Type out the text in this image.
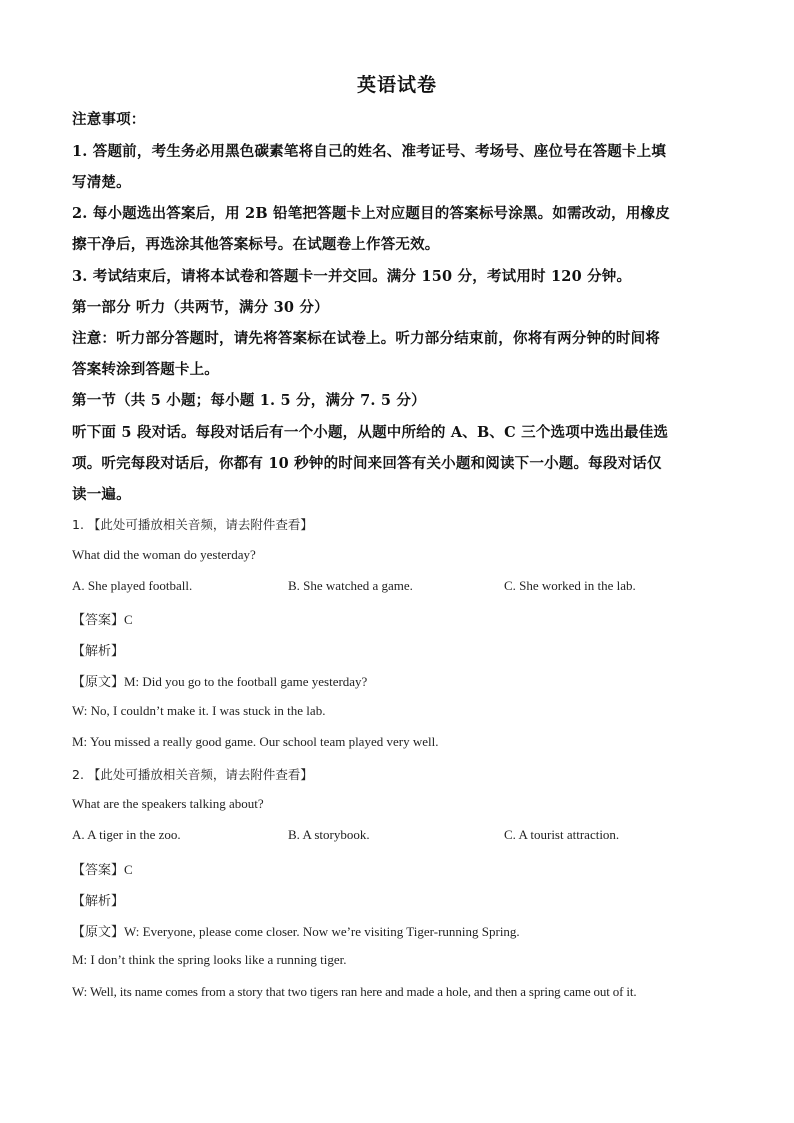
英语试卷
注意事项：
1. 答题前，考生务必用黑色碳素笔将自己的姓名、准考证号、考场号、座位号在答题卡上填
写清楚。
2. 每小题选出答案后，用 2B 铅笔把答题卡上对应题目的答案标号涂黑。如需改动，用橡皮
擦干净后，再选涂其他答案标号。在试题卷上作答无效。
3. 考试结束后，请将本试卷和答题卡一并交回。满分 150 分，考试用时 120 分钟。
第一部分 听力（共两节，满分 30 分）
注意：听力部分答题时，请先将答案标在试卷上。听力部分结束前，你将有两分钟的时间将
答案转涂到答题卡上。
第一节（共 5 小题；每小题 1. 5 分，满分 7. 5 分）
听下面 5 段对话。每段对话后有一个小题，从题中所给的 A、B、C 三个选项中选出最佳选
项。听完每段对话后，你都有 10 秒钟的时间来回答有关小题和阅读下一小题。每段对话仅
读一遍。
1. 【此处可播放相关音频，请去附件查看】
What did the woman do yesterday?
A. She played football.	B. She watched a game.	C. She worked in the lab.
【答案】C
【解析】
【原文】M: Did you go to the football game yesterday?
W: No, I couldn’t make it. I was stuck in the lab.
M: You missed a really good game. Our school team played very well.
2. 【此处可播放相关音频，请去附件查看】
What are the speakers talking about?
A. A tiger in the zoo.	B. A storybook.	C. A tourist attraction.
【答案】C
【解析】
【原文】W: Everyone, please come closer. Now we’re visiting Tiger-running Spring.
M: I don’t think the spring looks like a running tiger.
W: Well, its name comes from a story that two tigers ran here and made a hole, and then a spring came out of it.
